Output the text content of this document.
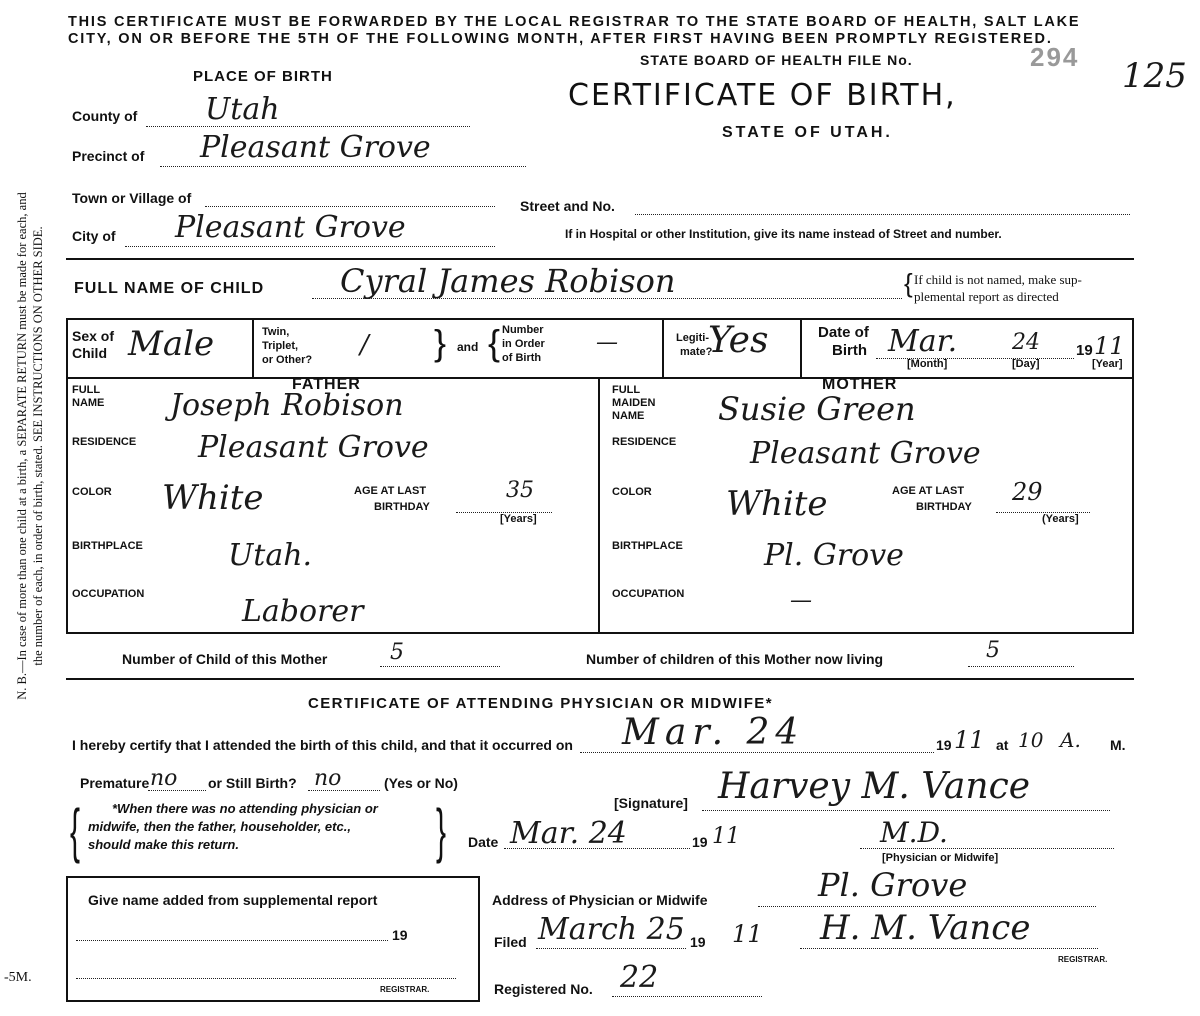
N. B.—In case of more than one child at a birth, a SEPARATE RETURN must be made for each, and the number of each, in order of birth, stated. SEE INSTRUCTIONS ON OTHER SIDE.
-5M.
THIS CERTIFICATE MUST BE FORWARDED BY THE LOCAL REGISTRAR TO THE STATE BOARD OF HEALTH, SALT LAKE
CITY, ON OR BEFORE THE 5TH OF THE FOLLOWING MONTH, AFTER FIRST HAVING BEEN PROMPTLY REGISTERED.
STATE BOARD OF HEALTH FILE No.	294 125
CERTIFICATE OF BIRTH,
STATE OF UTAH.
PLACE OF BIRTH
County of Utah
Precinct of Pleasant Grove
Town or Village of
City of Pleasant Grove
Street and No.
If in Hospital or other Institution, give its name instead of Street and number.
FULL NAME OF CHILD Cyral James Robison	{ If child is not named, make sup-
plemental report as directed
Sex of
Child Male	Twin,
Triplet,
or Other? / } and { Number
in Order
of Birth
—	Legiti-
mate?
Yes	Date of
Birth Mar. 24 19 11
[Month]	[Day]	[Year]
FATHER
FULL
NAME Joseph Robison
RESIDENCE Pleasant Grove
COLOR White	AGE AT LAST
BIRTHDAY
35
[Years]
BIRTHPLACE	Utah.
OCCUPATION	Laborer
MOTHER
FULL
MAIDEN
NAME Susie Green
RESIDENCE Pleasant Grove
COLOR White	AGE AT LAST
BIRTHDAY
29
(Years]
BIRTHPLACE	Pl. Grove
OCCUPATION	—
Number of Child of this Mother	5	Number of children of this Mother now living	5
CERTIFICATE OF ATTENDING PHYSICIAN OR MIDWIFE*
I hereby certify that I attended the birth of this child, and that it occurred on Mar. 24	19 11 at 10 A. M.
Premature no or Still Birth? no	(Yes or No)
{ *When there was no attending physician or
midwife, then the father, householder, etc.,
should make this return.	}	[Signature] Harvey M. Vance
M.D.
Date Mar. 24	19 11
[Physician or Midwife]
Give name added from supplemental report
19
REGISTRAR.
Address of Physician or Midwife	Pl. Grove
Filed March 25 19 11 H. M. Vance
REGISTRAR.
Registered No. 22
